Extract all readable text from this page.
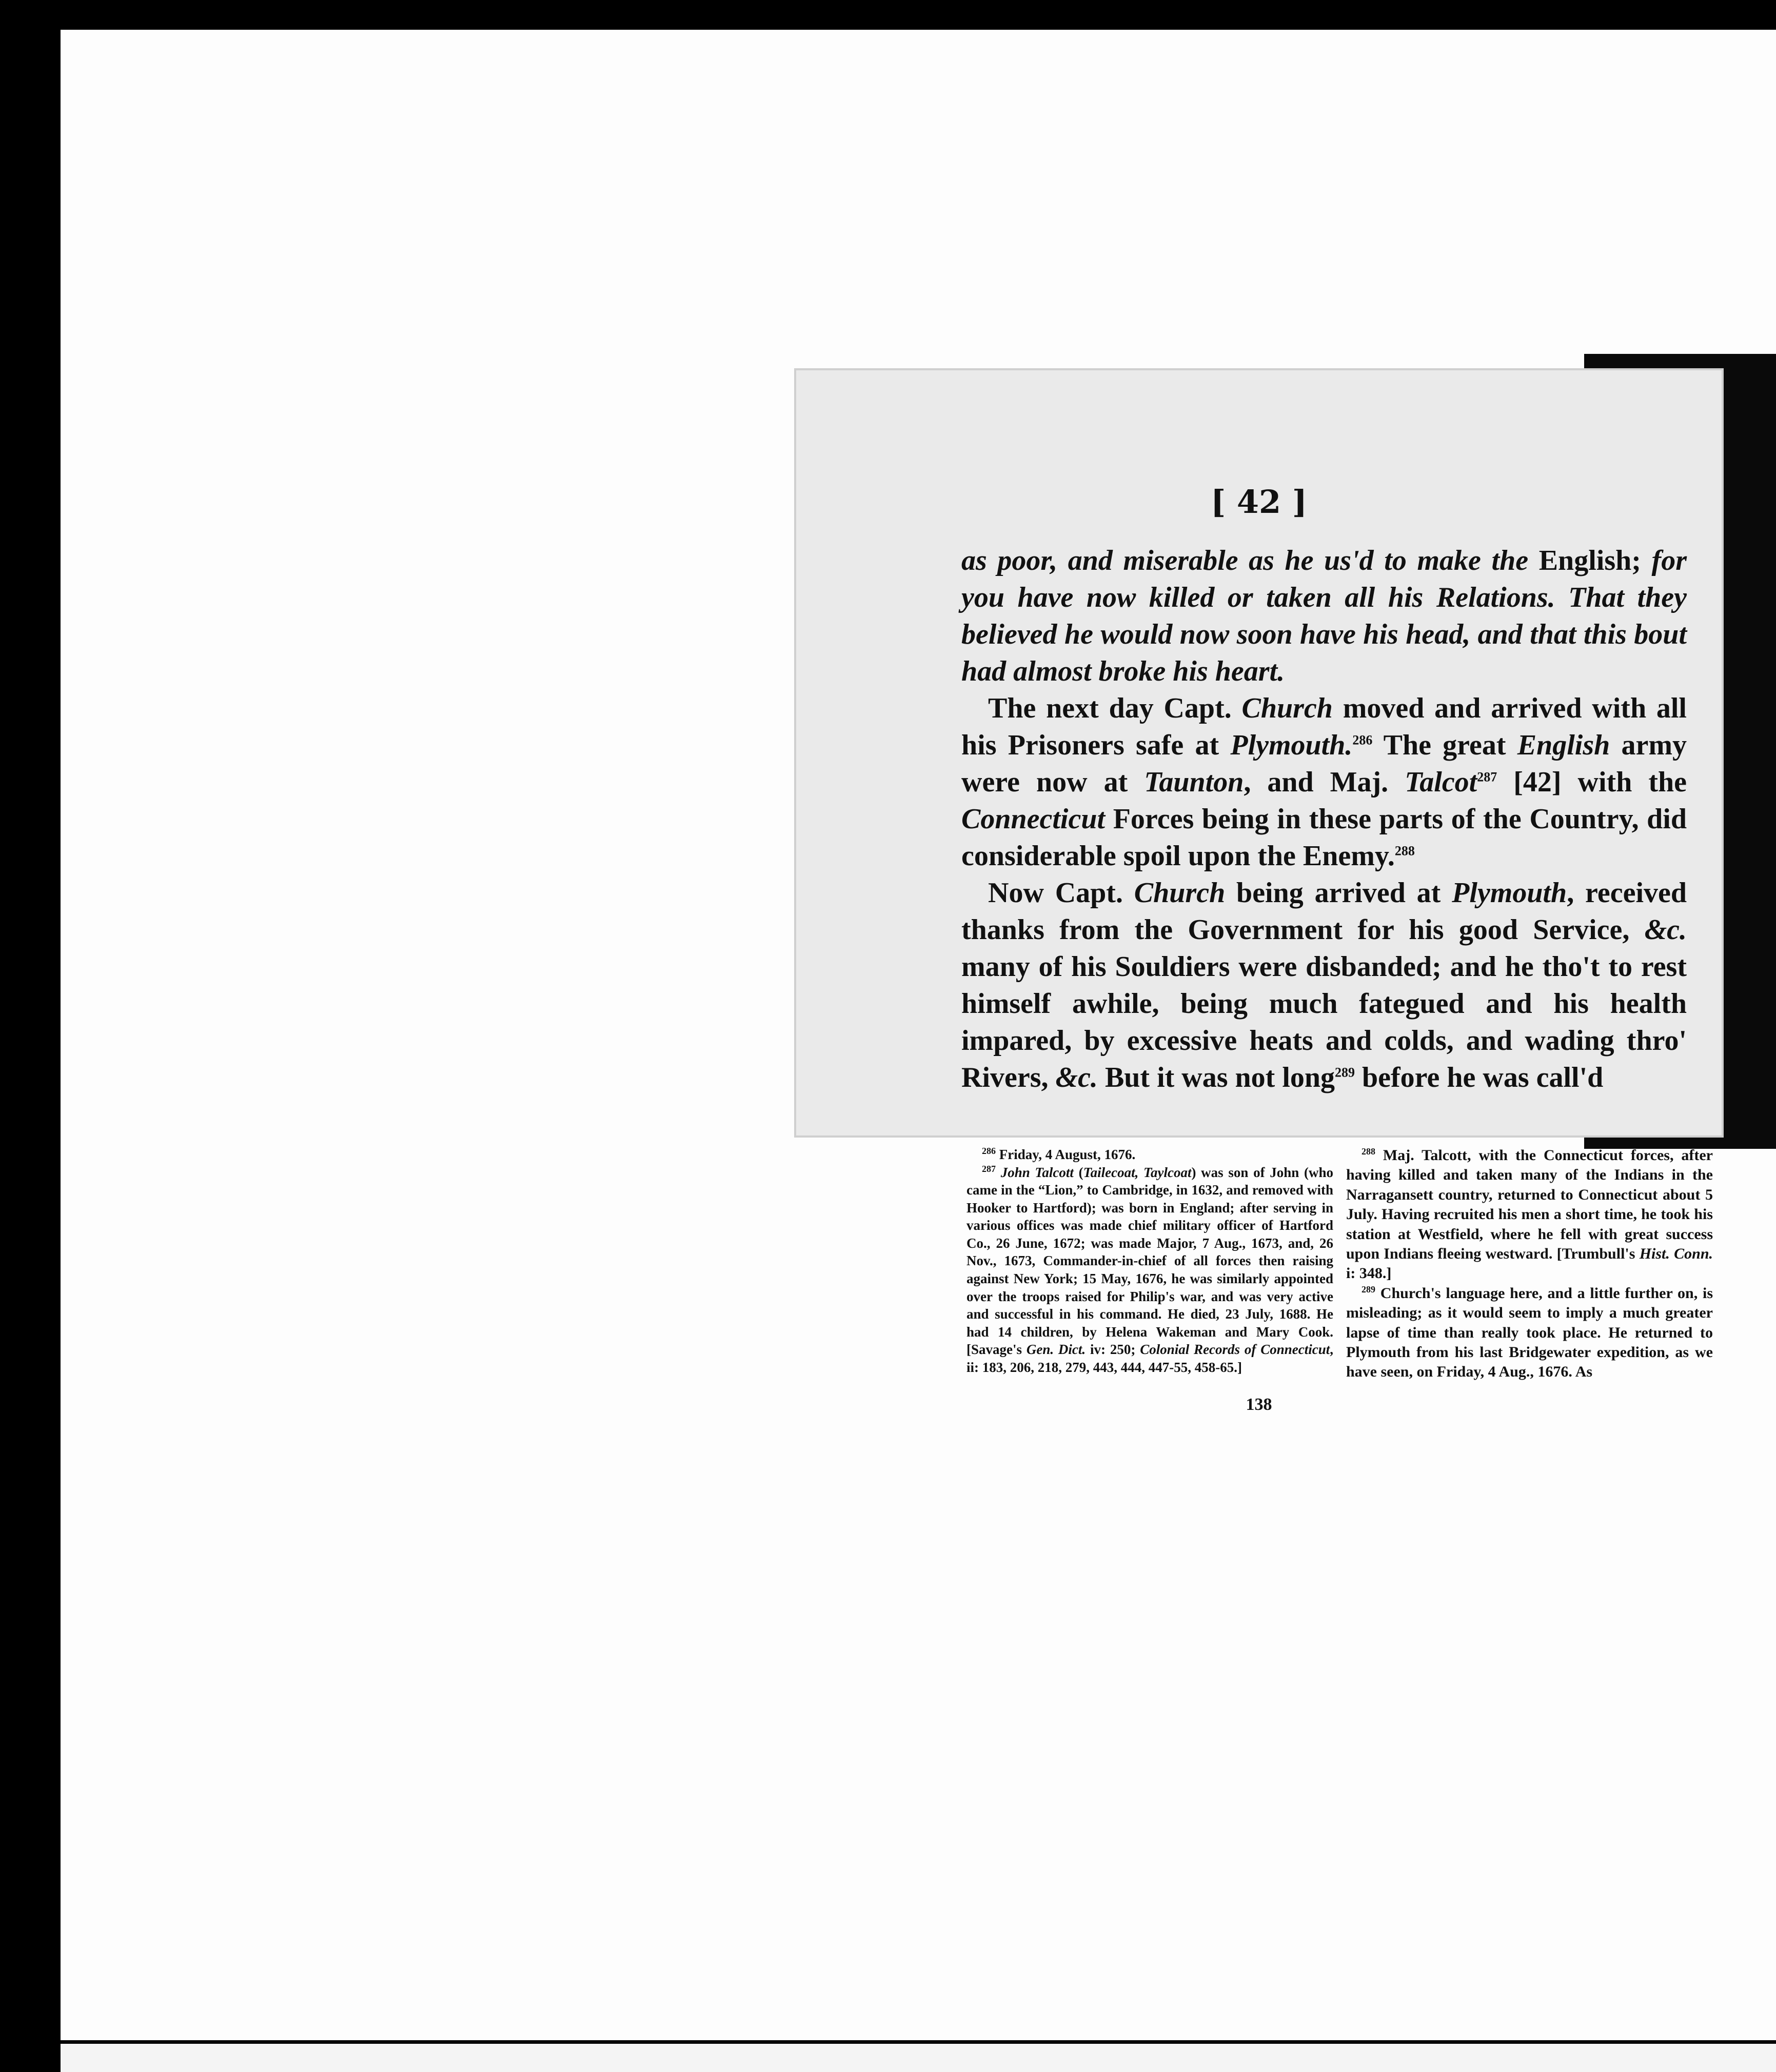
[ 42 ]

as poor, and miserable as he us'd to make the English; for you have now killed or taken all his Relations. That they believed he would now soon have his head, and that this bout had almost broke his heart.

The next day Capt. Church moved and arrived with all his Prisoners safe at Plymouth.$^{286}$ The great English army were now at Taunton, and Maj. Talcot$^{287}$ [42] with the Connecticut Forces being in these parts of the Country, did considerable spoil upon the Enemy.$^{288}$

Now Capt. Church being arrived at Plymouth, received thanks from the Government for his good Service, &c. many of his Souldiers were disbanded; and he tho't to rest himself awhile, being much fategued and his health impared, by excessive heats and colds, and wading thro' Rivers, &c. But it was not long$^{289}$ before he was call'd

$^{286}$ Friday, 4 August, 1676.

$^{287}$ John Talcott (Tailecoat, Taylcoat) was son of John (who came in the “Lion,” to Cambridge, in 1632, and removed with Hooker to Hartford); was born in England; after serving in various offices was made chief military officer of Hartford Co., 26 June, 1672; was made Major, 7 Aug., 1673, and, 26 Nov., 1673, Commander-in-chief of all forces then raising against New York; 15 May, 1676, he was similarly appointed over the troops raised for Philip's war, and was very active and successful in his command. He died, 23 July, 1688. He had 14 children, by Helena Wakeman and Mary Cook. [Savage's Gen. Dict. iv: 250; Colonial Records of Connecticut, ii: 183, 206, 218, 279, 443, 444, 447-55, 458-65.]

$^{288}$ Maj. Talcott, with the Connecticut forces, after having killed and taken many of the Indians in the Narragansett country, returned to Connecticut about 5 July. Having recruited his men a short time, he took his station at Westfield, where he fell with great success upon Indians fleeing westward. [Trumbull's Hist. Conn. i: 348.]

$^{289}$ Church's language here, and a little further on, is misleading; as it would seem to imply a much greater lapse of time than really took place. He returned to Plymouth from his last Bridgewater expedition, as we have seen, on Friday, 4 Aug., 1676. As

138
